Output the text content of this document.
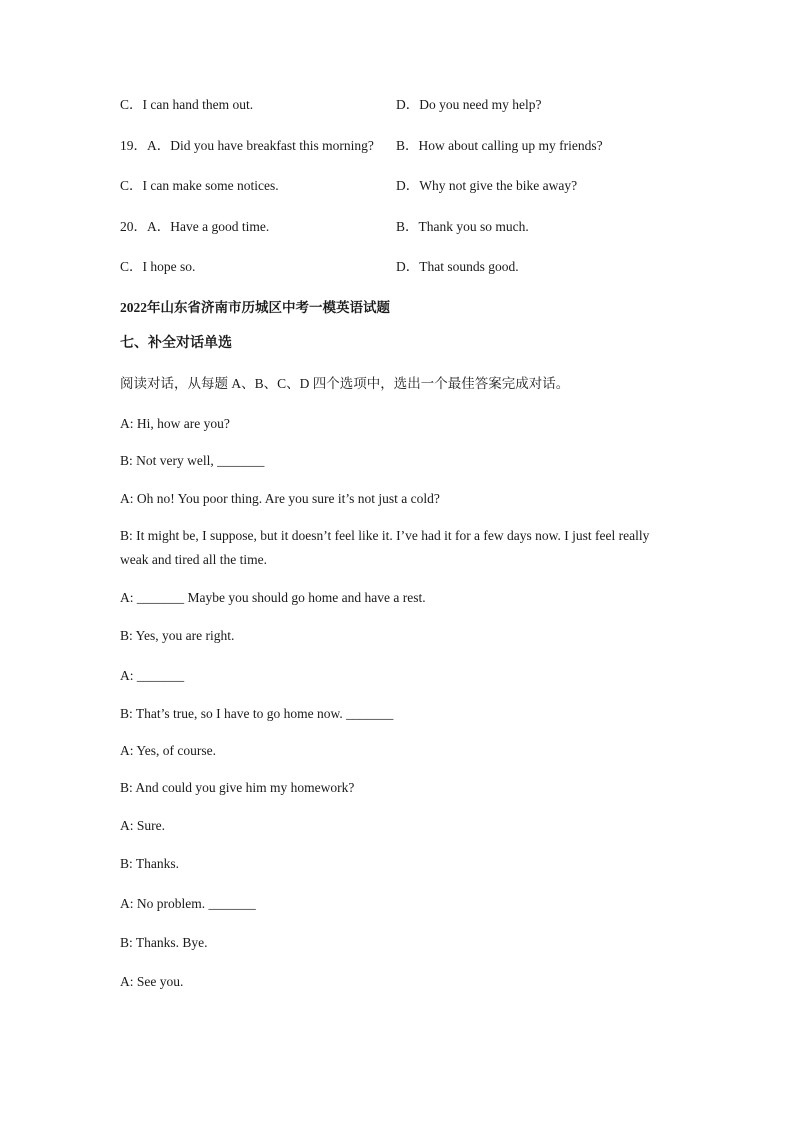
C．I can hand them out.	D．Do you need my help?
19．A．Did you have breakfast this morning? B．How about calling up my friends?
C．I can make some notices.	D．Why not give the bike away?
20．A．Have a good time.	B．Thank you so much.
C．I hope so.	D．That sounds good.
2022年山东省济南市历城区中考一模英语试题
七、补全对话单选
阅读对话，从每题 A、B、C、D 四个选项中，选出一个最佳答案完成对话。
A: Hi, how are you?
B: Not very well, _______
A: Oh no! You poor thing. Are you sure it’s not just a cold?
B: It might be, I suppose, but it doesn’t feel like it. I’ve had it for a few days now. I just feel really weak and tired all the time.
A: _______ Maybe you should go home and have a rest.
B: Yes, you are right.
A: _______
B: That’s true, so I have to go home now. _______
A: Yes, of course.
B: And could you give him my homework?
A: Sure.
B: Thanks.
A: No problem. _______
B: Thanks. Bye.
A: See you.
